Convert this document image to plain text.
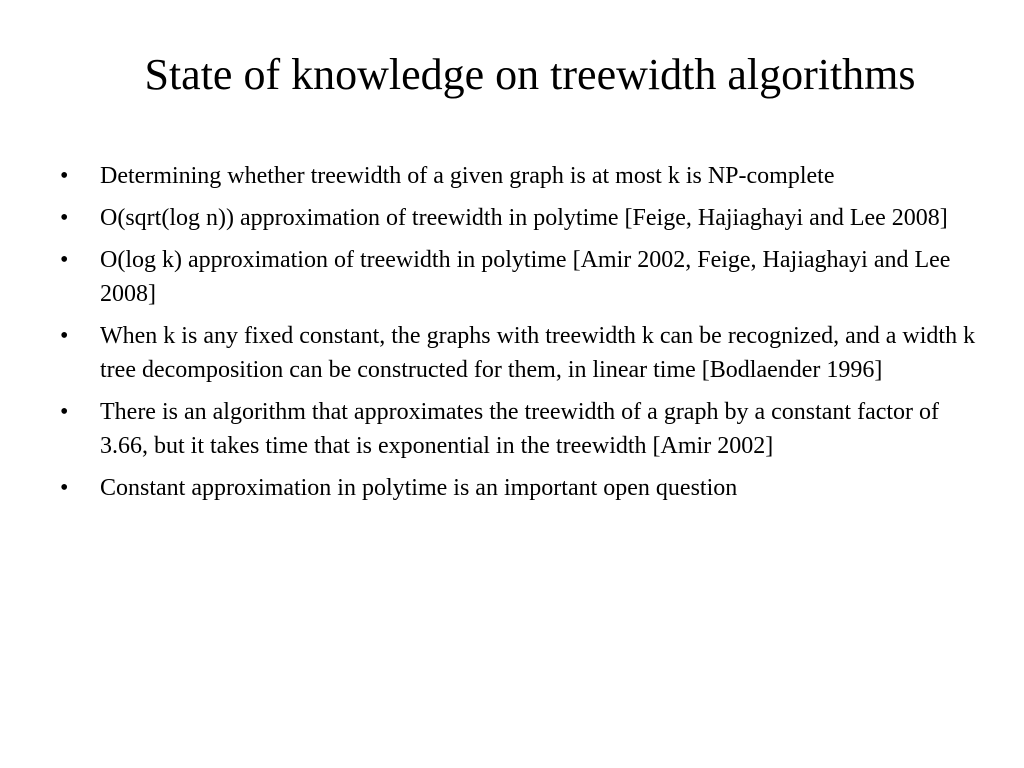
State of knowledge on treewidth algorithms
• Determining whether treewidth of a given graph is at most k is NP-complete
• O(sqrt(log n)) approximation of treewidth in polytime [Feige, Hajiaghayi and Lee 2008]
• O(log k) approximation of treewidth in polytime [Amir 2002, Feige, Hajiaghayi and Lee 2008]
• When k is any fixed constant, the graphs with treewidth k can be recognized, and a width k tree decomposition can be constructed for them, in linear time [Bodlaender 1996]
• There is an algorithm that approximates the treewidth of a graph by a constant factor of 3.66, but it takes time that is exponential in the treewidth [Amir 2002]
• Constant approximation in polytime is an important open question
